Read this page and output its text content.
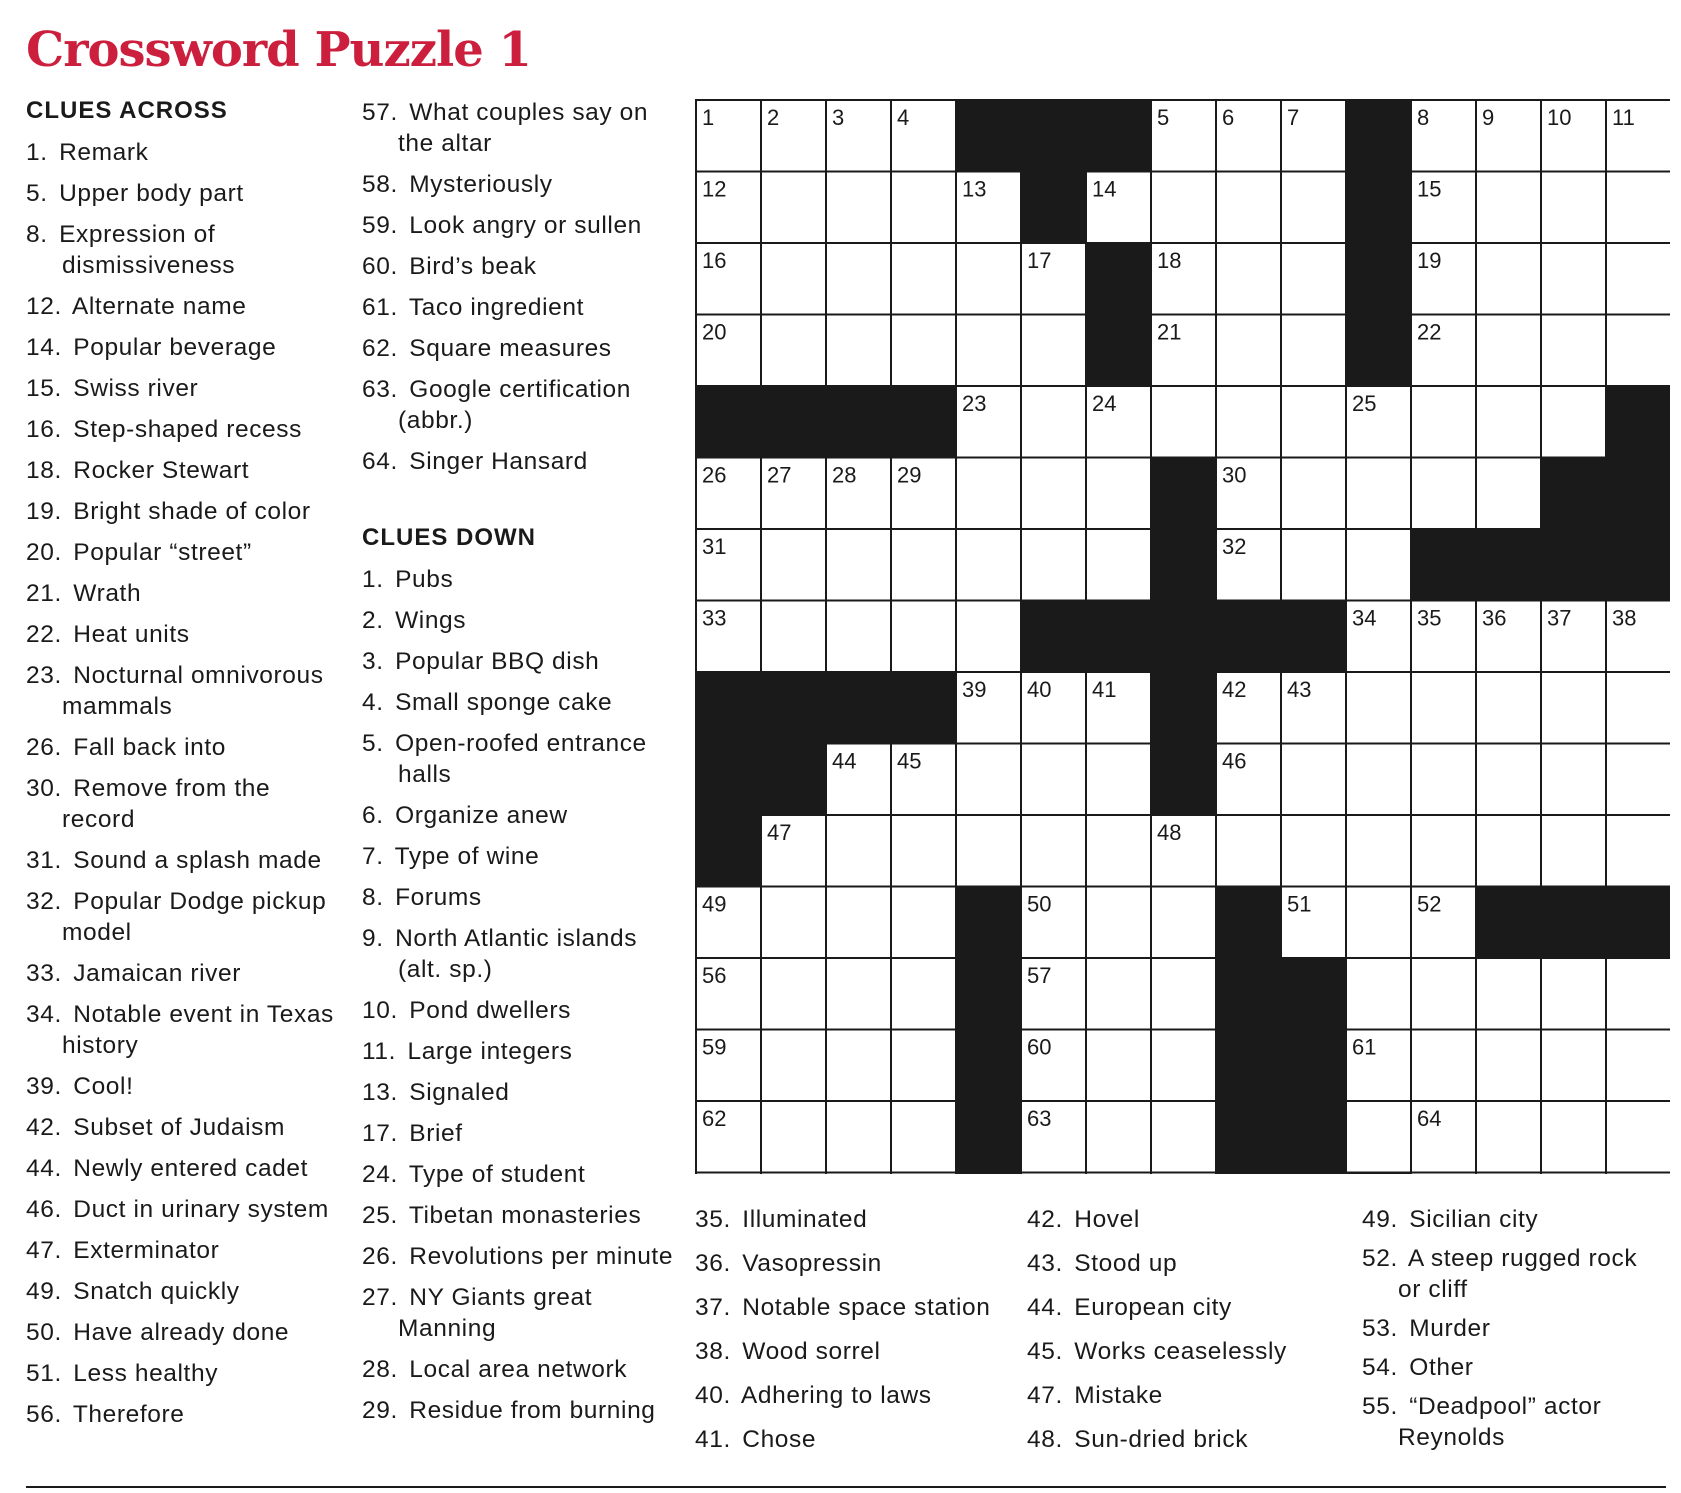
Crossword Puzzle 1
CLUES ACROSS
1. Remark
5. Upper body part
8. Expression of dismissiveness
12. Alternate name
14. Popular beverage
15. Swiss river
16. Step-shaped recess
18. Rocker Stewart
19. Bright shade of color
20. Popular “street”
21. Wrath
22. Heat units
23. Nocturnal omnivorous mammals
26. Fall back into
30. Remove from the record
31. Sound a splash made
32. Popular Dodge pickup model
33. Jamaican river
34. Notable event in Texas history
39. Cool!
42. Subset of Judaism
44. Newly entered cadet
46. Duct in urinary system
47. Exterminator
49. Snatch quickly
50. Have already done
51. Less healthy
56. Therefore
57. What couples say on the altar
58. Mysteriously
59. Look angry or sullen
60. Bird’s beak
61. Taco ingredient
62. Square measures
63. Google certification (abbr.)
64. Singer Hansard
CLUES DOWN
1. Pubs
2. Wings
3. Popular BBQ dish
4. Small sponge cake
5. Open-roofed entrance halls
6. Organize anew
7. Type of wine
8. Forums
9. North Atlantic islands (alt. sp.)
10. Pond dwellers
11. Large integers
13. Signaled
17. Brief
24. Type of student
25. Tibetan monasteries
26. Revolutions per minute
27. NY Giants great Manning
28. Local area network
29. Residue from burning
35. Illuminated
36. Vasopressin
37. Notable space station
38. Wood sorrel
40. Adhering to laws
41. Chose
42. Hovel
43. Stood up
44. European city
45. Works ceaselessly
47. Mistake
48. Sun-dried brick
49. Sicilian city
52. A steep rugged rock or cliff
53. Murder
54. Other
55. “Deadpool” actor Reynolds
1 2 3 4	5 6 7	8 9 10 11
12	13	14	15
16	17	18	19
20	21	22
23	24	25
26 27 28 29	30
31	32
33	34 35 36 37 38
39 40 41	42 43
44 45	46
47	48
49	50	51	52
56	57
59	60	61
62	63	64
